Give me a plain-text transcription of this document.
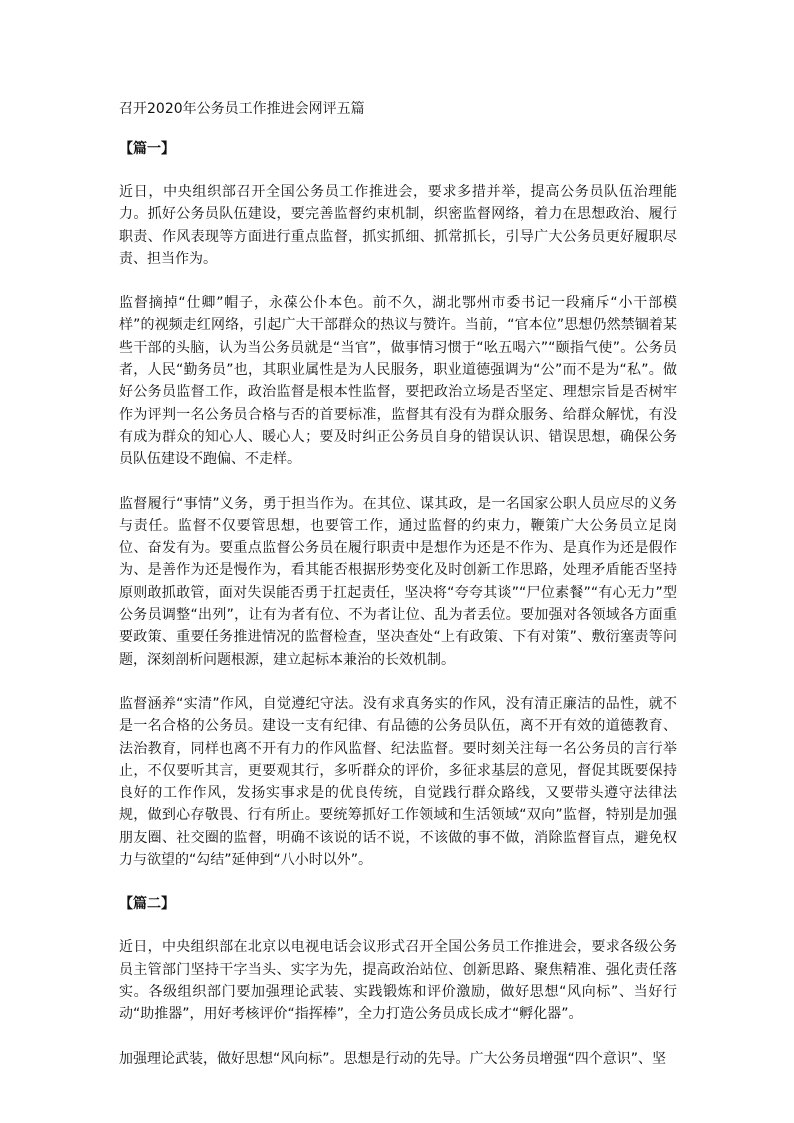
召开2020年公务员工作推进会网评五篇
【篇一】

近日，中央组织部召开全国公务员工作推进会，要求多措并举，提高公务员队伍治理能力。抓好公务员队伍建设，要完善监督约束机制，织密监督网络，着力在思想政治、履行职责、作风表现等方面进行重点监督，抓实抓细、抓常抓长，引导广大公务员更好履职尽责、担当作为。

监督摘掉“仕卿”帽子，永葆公仆本色。前不久，湖北鄂州市委书记一段痛斥“小干部模样”的视频走红网络，引起广大干部群众的热议与赞许。当前，“官本位”思想仍然禁锢着某些干部的头脑，认为当公务员就是“当官”，做事情习惯于“吆五喝六”“颐指气使”。公务员者，人民“勤务员”也，其职业属性是为人民服务，职业道德强调为“公”而不是为“私”。做好公务员监督工作，政治监督是根本性监督，要把政治立场是否坚定、理想宗旨是否树牢作为评判一名公务员合格与否的首要标准，监督其有没有为群众服务、给群众解忧，有没有成为群众的知心人、暖心人；要及时纠正公务员自身的错误认识、错误思想，确保公务员队伍建设不跑偏、不走样。

监督履行“事情”义务，勇于担当作为。在其位、谋其政，是一名国家公职人员应尽的义务与责任。监督不仅要管思想，也要管工作，通过监督的约束力，鞭策广大公务员立足岗位、奋发有为。要重点监督公务员在履行职责中是想作为还是不作为、是真作为还是假作为、是善作为还是慢作为，看其能否根据形势变化及时创新工作思路，处理矛盾能否坚持原则敢抓敢管，面对失误能否勇于扛起责任，坚决将“夸夸其谈”“尸位素餐”“有心无力”型公务员调整“出列”，让有为者有位、不为者让位、乱为者丢位。要加强对各领域各方面重要政策、重要任务推进情况的监督检查，坚决查处“上有政策、下有对策”、敷衍塞责等问题，深刻剖析问题根源，建立起标本兼治的长效机制。

监督涵养“实清”作风，自觉遵纪守法。没有求真务实的作风，没有清正廉洁的品性，就不是一名合格的公务员。建设一支有纪律、有品德的公务员队伍，离不开有效的道德教育、法治教育，同样也离不开有力的作风监督、纪法监督。要时刻关注每一名公务员的言行举止，不仅要听其言，更要观其行，多听群众的评价，多征求基层的意见，督促其既要保持良好的工作作风，发扬实事求是的优良传统，自觉践行群众路线，又要带头遵守法律法规，做到心存敬畏、行有所止。要统筹抓好工作领域和生活领域“双向”监督，特别是加强朋友圈、社交圈的监督，明确不该说的话不说，不该做的事不做，消除监督盲点，避免权力与欲望的“勾结”延伸到“八小时以外”。

【篇二】

近日，中央组织部在北京以电视电话会议形式召开全国公务员工作推进会，要求各级公务员主管部门坚持干字当头、实字为先，提高政治站位、创新思路、聚焦精准、强化责任落实。各级组织部门要加强理论武装、实践锻炼和评价激励，做好思想“风向标”、当好行动“助推器”，用好考核评价“指挥棒”，全力打造公务员成长成才“孵化器”。

加强理论武装，做好思想“风向标”。思想是行动的先导。广大公务员增强“四个意识”、坚
